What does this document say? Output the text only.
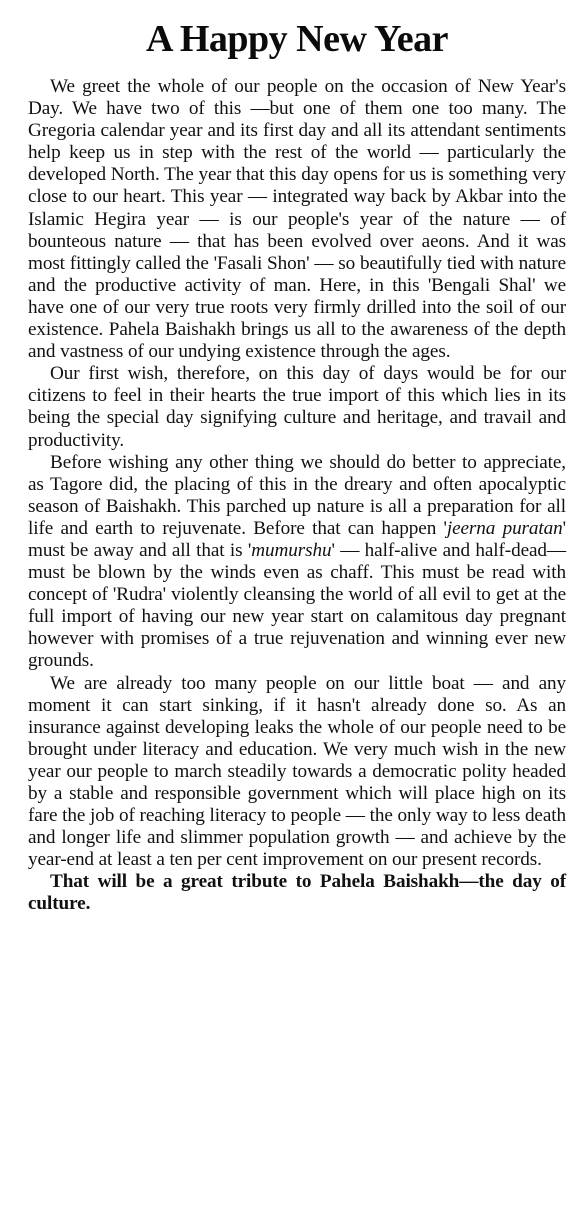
A Happy New Year

We greet the whole of our people on the occasion of New Year's Day. We have two of this —but one of them one too many. The Gregoria calendar year and its first day and all its attendant sentiments help keep us in step with the rest of the world — particularly the developed North. The year that this day opens for us is something very close to our heart. This year — integrated way back by Akbar into the Islamic Hegira year — is our people's year of the nature — of bounteous nature — that has been evolved over aeons. And it was most fittingly called the 'Fasali Shon' — so beautifully tied with nature and the productive activity of man. Here, in this 'Bengali Shal' we have one of our very true roots very firmly drilled into the soil of our existence. Pahela Baishakh brings us all to the awareness of the depth and vastness of our undying existence through the ages.

Our first wish, therefore, on this day of days would be for our citizens to feel in their hearts the true import of this which lies in its being the special day signifying culture and heritage, and travail and productivity.

Before wishing any other thing we should do better to appreciate, as Tagore did, the placing of this in the dreary and often apocalyptic season of Baishakh. This parched up nature is all a preparation for all life and earth to rejuvenate. Before that can happen 'jeerna puratan' must be away and all that is 'mumurshu' — half-alive and half-dead—must be blown by the winds even as chaff. This must be read with concept of 'Rudra' violently cleansing the world of all evil to get at the full import of having our new year start on calamitous day pregnant however with promises of a true rejuvenation and winning ever new grounds.

We are already too many people on our little boat — and any moment it can start sinking, if it hasn't already done so. As an insurance against developing leaks the whole of our people need to be brought under literacy and education. We very much wish in the new year our people to march steadily towards a democratic polity headed by a stable and responsible government which will place high on its fare the job of reaching literacy to people — the only way to less death and longer life and slimmer population growth — and achieve by the year-end at least a ten per cent improvement on our present records.

That will be a great tribute to Pahela Baishakh—the day of culture.
